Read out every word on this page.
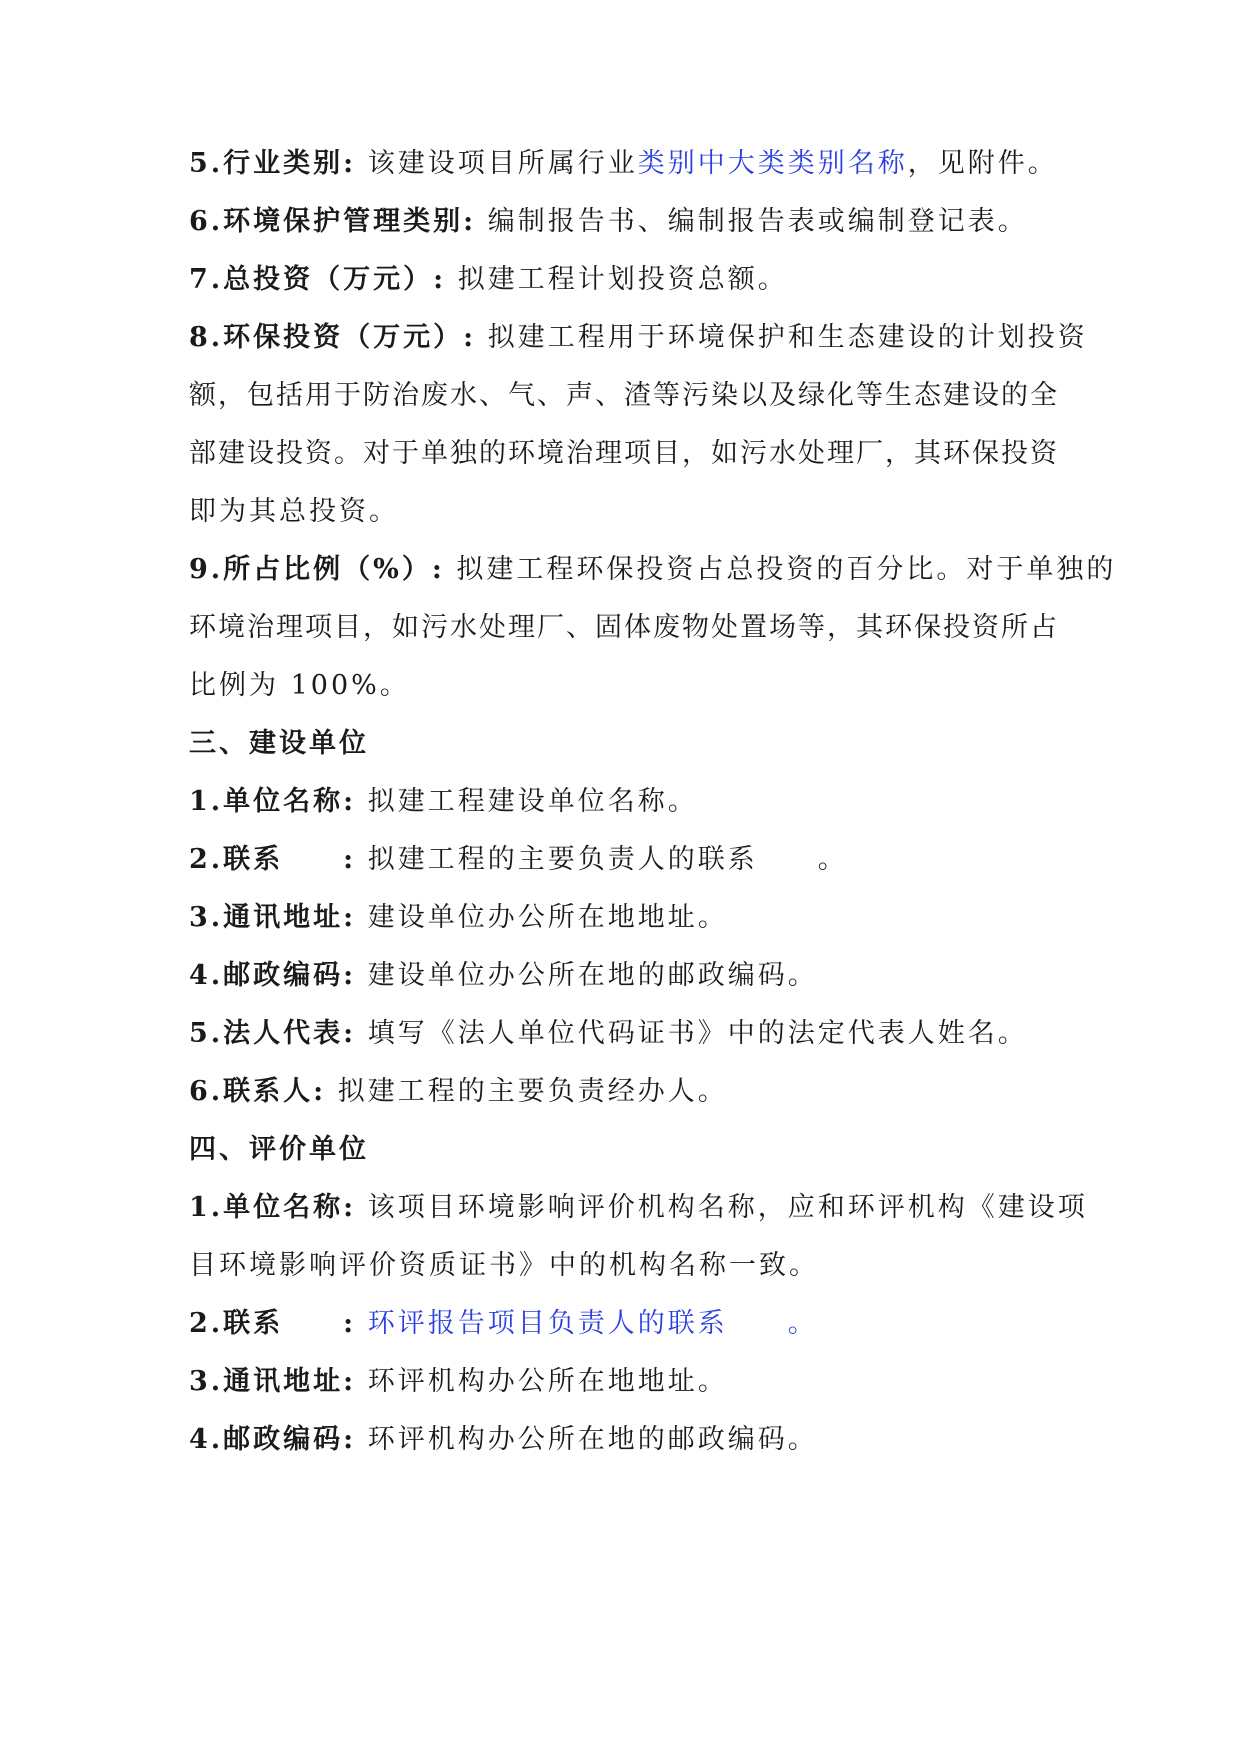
5.行业类别: 该建设项目所属行业类别中大类类别名称，见附件。
6.环境保护管理类别: 编制报告书、编制报告表或编制登记表。
7.总投资（万元）: 拟建工程计划投资总额。
8.环保投资（万元）: 拟建工程用于环境保护和生态建设的计划投资
额，包括用于防治废水、气、声、渣等污染以及绿化等生态建设的全
部建设投资。对于单独的环境治理项目，如污水处理厂，其环保投资
即为其总投资。
9.所占比例（%）: 拟建工程环保投资占总投资的百分比。对于单独的
环境治理项目，如污水处理厂、固体废物处置场等，其环保投资所占
比例为 100%。
三、建设单位
1.单位名称: 拟建工程建设单位名称。
2.联系　　: 拟建工程的主要负责人的联系　　。
3.通讯地址: 建设单位办公所在地地址。
4.邮政编码: 建设单位办公所在地的邮政编码。
5.法人代表: 填写《法人单位代码证书》中的法定代表人姓名。
6.联系人: 拟建工程的主要负责经办人。
四、评价单位
1.单位名称: 该项目环境影响评价机构名称，应和环评机构《建设项
目环境影响评价资质证书》中的机构名称一致。
2.联系　　: 环评报告项目负责人的联系　　。
3.通讯地址: 环评机构办公所在地地址。
4.邮政编码: 环评机构办公所在地的邮政编码。
